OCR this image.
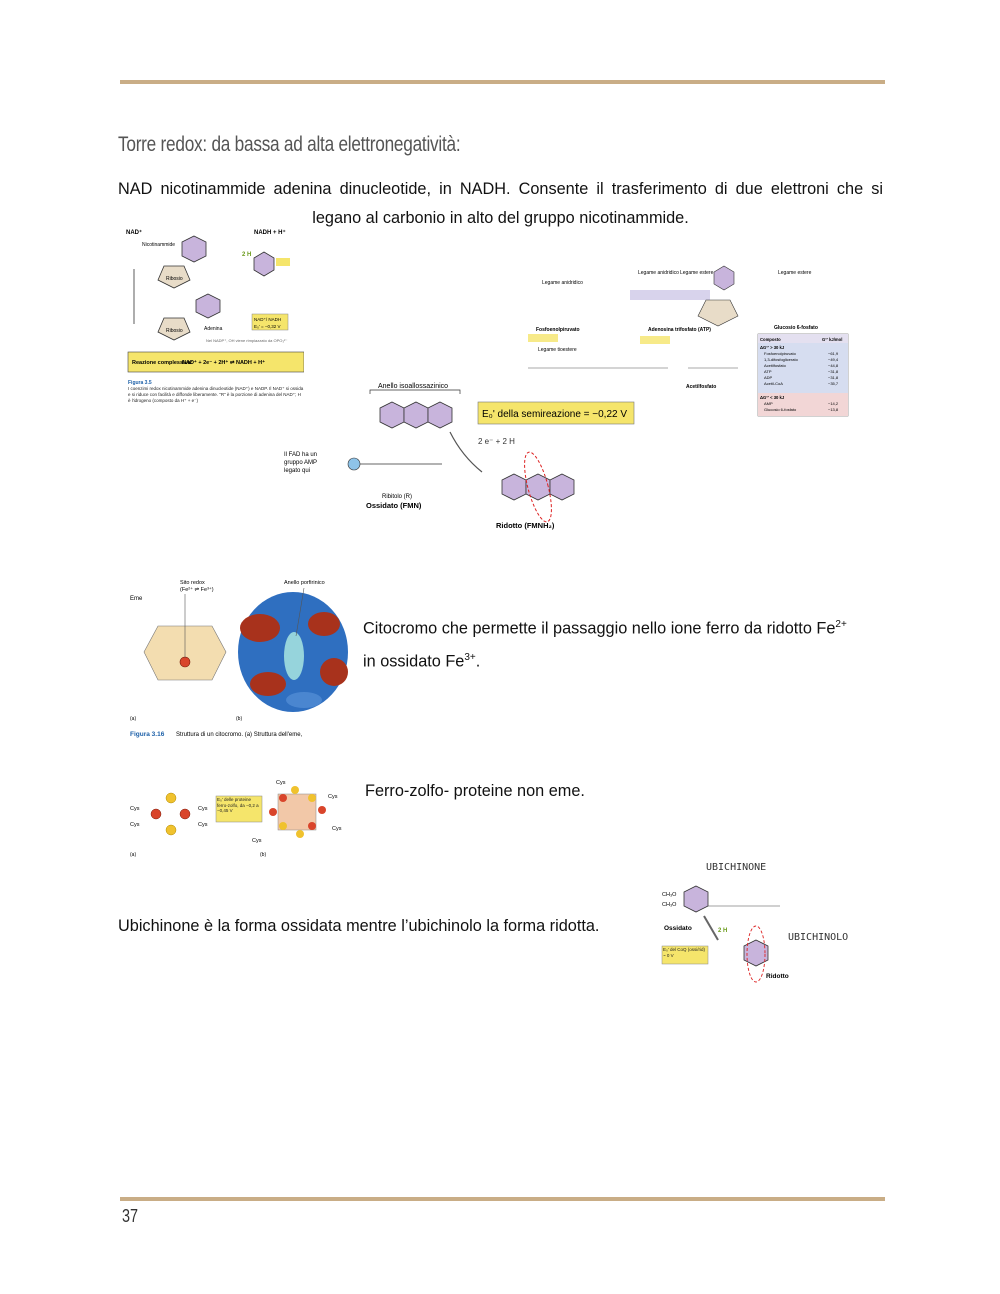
Torre redox: da bassa ad alta elettronegatività:
NAD nicotinammide adenina dinucleotide, in NADH. Consente il trasferimento di due elettroni che si legano al carbonio in alto del gruppo nicotinammide.
NAD⁺	NADH + H⁺
Nicotinammide
2 H
Ribosio
Ribosio	Adenina
NAD⁺/ NADH
E₀' = −0,32 V
Nel NADP⁺, OH viene rimpiazzato da OPO₃²⁻
Reazione complessiva:
NAD⁺ + 2e⁻ + 2H⁺ ⇌ NADH + H⁺
Figura 3.5
I coenzimi redox nicotinammide adenina dinucleotide (NAD⁺) e NADP. Il NAD⁺ si ossida e si riduce con facilità e diffonde liberamente. "R" è la porzione di adenina del NAD⁺; H è l'idrogeno (composto da H⁺ + e⁻)
Legame anidridico
Fosfoenolpiruvato
Legame anidridico Legame estere
Adenosina trifosfato (ATP)
Legame tioestere
Acetilfosfato
Legame estere
Glucosio 6-fosfato
Composto	G°' kJ/mol
ΔG°' > 30 kJ
Fosfoenolpiruvato	−61,9
1,3-difosfoglicerato	−49,4
Acetilfosfato	−44,8
ATP	−31,8
ADP	−31,8
Acetil-CoA	−35,7
ΔG°' < 30 kJ
AMP	−14,2
Glucosio 6-fosfato	−13,8
Anello isoallossazinico
E₀' della semireazione = −0,22 V
2 e⁻ + 2 H
Il FAD ha un
gruppo AMP
legato qui
Ribitolo (R)
Ossidato (FMN)
Ridotto (FMNH₂)
Eme
Sito redox
(Fe²⁺ ⇌ Fe³⁺)
Anello porfirinico
(a)	(b)
Figura 3.16 Struttura di un citocromo. (a) Struttura dell'eme,
Citocromo che permette il passaggio nello ione ferro da ridotto $Fe^{2+}$
in ossidato $Fe^{3+}$.
Cys
Cys
Cys
Cys
E₀' delle proteine ferro-zolfo, da −0,2 a −0,45 V
Cys
Cys
Cys
Cys
(a)	(b)
Ferro-zolfo- proteine non eme.
Ubichinone è la forma ossidata mentre l’ubichinolo la forma ridotta.
UBICHINONE
CH₃O
CH₃O
Ossidato	2 H
UBICHINOLO
E₀' del CoQ (ossi/rid) ~ 0 V
Ridotto
37
